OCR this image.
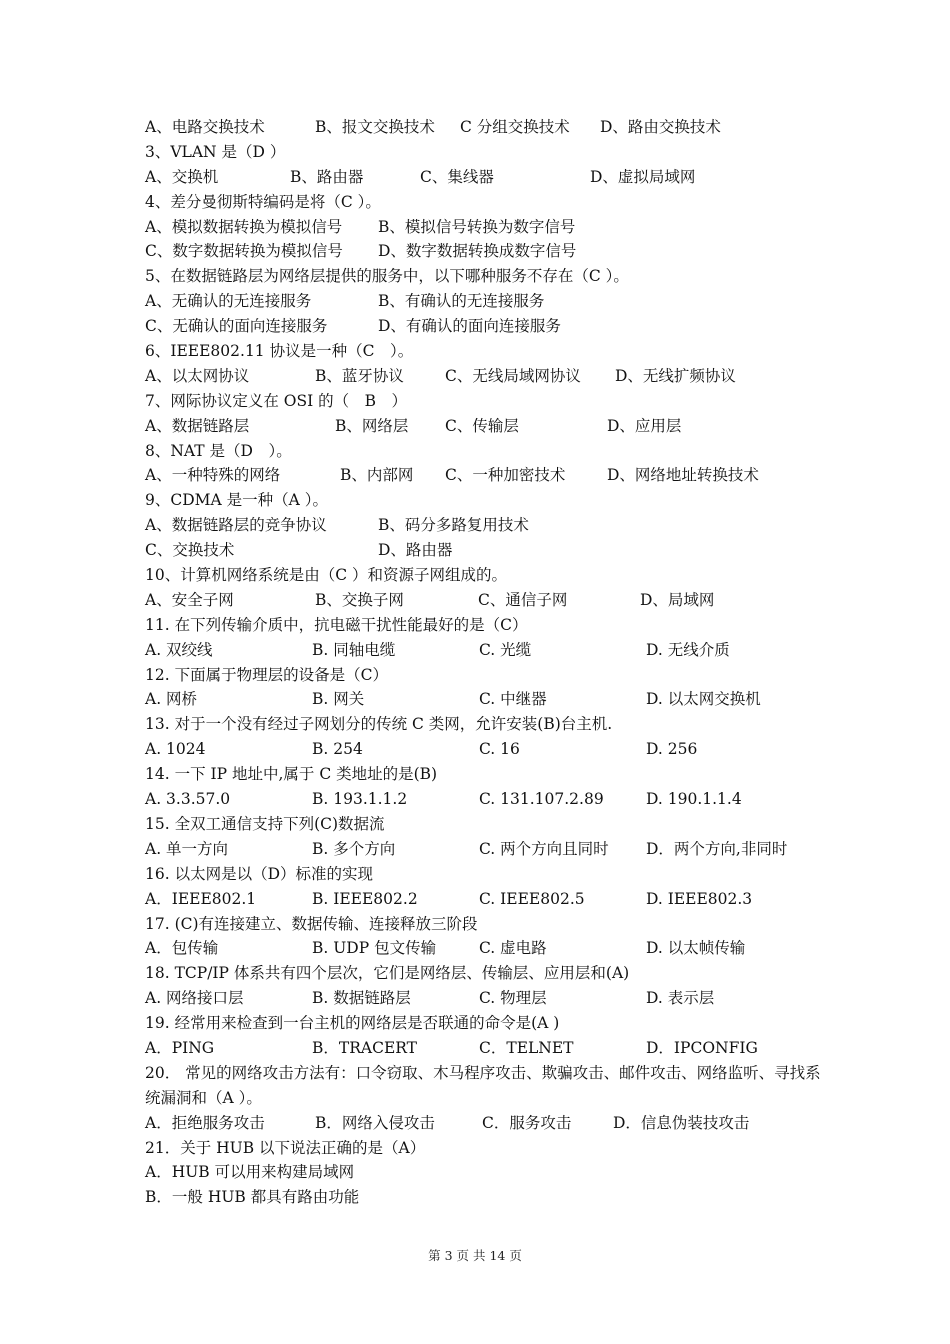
A、电路交换技术	B、报文交换技术 C 分组交换技术 D、路由交换技术
3、VLAN 是（D ）
A、交换机	B、路由器	C、集线器	D、虚拟局域网
4、差分曼彻斯特编码是将（C ）。
A、模拟数据转换为模拟信号 B、模拟信号转换为数字信号
C、数字数据转换为模拟信号 D、数字数据转换成数字信号
5、在数据链路层为网络层提供的服务中，以下哪种服务不存在（C ）。
A、无确认的无连接服务	B、有确认的无连接服务
C、无确认的面向连接服务	D、有确认的面向连接服务
6、IEEE802.11 协议是一种（C　）。
A、以太网协议	B、蓝牙协议	C、无线局域网协议 D、无线扩频协议
7、网际协议定义在 OSI 的（　B　）
A、数据链路层	B、网络层 C、传输层	D、应用层
8、NAT 是（D　）。
A、一种特殊的网络	B、内部网 C、一种加密技术	D、网络地址转换技术
9、CDMA 是一种（A ）。
A、数据链路层的竞争协议	B、码分多路复用技术
C、交换技术	D、路由器
10、计算机网络系统是由（C ）和资源子网组成的。
A、安全子网	B、交换子网	C、通信子网	D、局域网
11. 在下列传输介质中，抗电磁干扰性能最好的是（C）
A. 双绞线	B. 同轴电缆	C. 光缆	D. 无线介质
12. 下面属于物理层的设备是（C）
A. 网桥	B. 网关	C. 中继器	D. 以太网交换机
13. 对于一个没有经过子网划分的传统 C 类网，允许安装(B)台主机.
A. 1024	B. 254	C. 16	D. 256
14. 一下 IP 地址中,属于 C 类地址的是(B)
A. 3.3.57.0	B. 193.1.1.2	C. 131.107.2.89	D. 190.1.1.4
15. 全双工通信支持下列(C)数据流
A. 单一方向	B. 多个方向	C. 两个方向且同时 D．两个方向,非同时
16. 以太网是以（D）标准的实现
A．IEEE802.1	B. IEEE802.2	C. IEEE802.5	D. IEEE802.3
17. (C)有连接建立、数据传输、连接释放三阶段
A．包传输	B. UDP 包文传输	C. 虚电路	D. 以太帧传输
18. TCP/IP 体系共有四个层次，它们是网络层、传输层、应用层和(A)
A. 网络接口层	B. 数据链路层	C. 物理层	D. 表示层
19. 经常用来检查到一台主机的网络层是否联通的命令是(A )
A．PING	B．TRACERT	C．TELNET	D．IPCONFIG
20． 常见的网络攻击方法有：口令窃取、木马程序攻击、欺骗攻击、邮件攻击、网络监听、寻找系统漏洞和（A ）。
A．拒绝服务攻击	B．网络入侵攻击	C．服务攻击	D．信息伪装技攻击
21．关于 HUB 以下说法正确的是（A）
A．HUB 可以用来构建局域网
B．一般 HUB 都具有路由功能
第 3 页 共 14 页
